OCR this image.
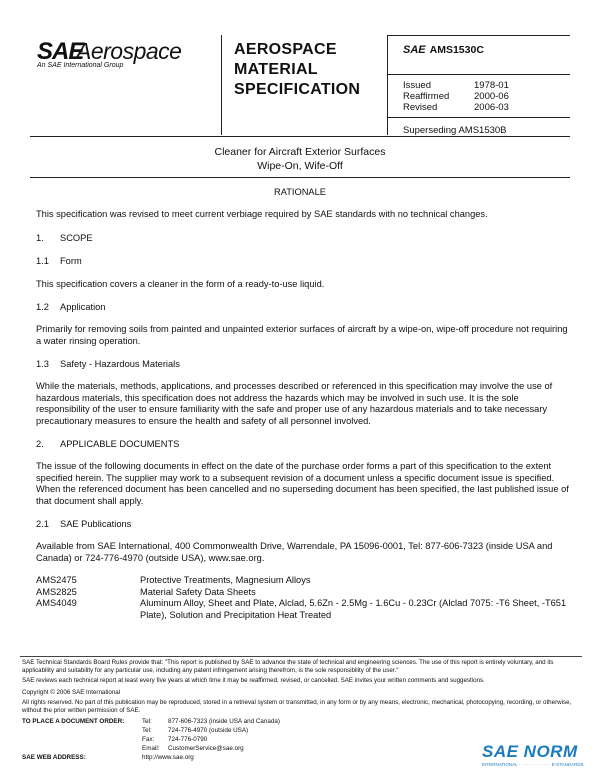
SAE
Aerospace
An SAE International Group
AEROSPACE
MATERIAL
SPECIFICATION
SAE AMS1530C
Issued	1978-01
Reaffirmed	2000-06
Revised	2006-03
Superseding AMS1530B
Cleaner for Aircraft Exterior Surfaces
Wipe-On, Wife-Off
RATIONALE
This specification was revised to meet current verbiage required by SAE standards with no technical changes.
1. SCOPE
1.1 Form
This specification covers a cleaner in the form of a ready-to-use liquid.
1.2 Application
Primarily for removing soils from painted and unpainted exterior surfaces of aircraft by a wipe-on, wipe-off procedure not requiring a water rinsing operation.
1.3 Safety - Hazardous Materials
While the materials, methods, applications, and processes described or referenced in this specification may involve the use of hazardous materials, this specification does not address the hazards which may be involved in such use. It is the sole responsibility of the user to ensure familiarity with the safe and proper use of any hazardous materials and to take necessary precautionary measures to ensure the health and safety of all personnel involved.
2. APPLICABLE DOCUMENTS
The issue of the following documents in effect on the date of the purchase order forms a part of this specification to the extent specified herein. The supplier may work to a subsequent revision of a document unless a specific document issue is specified. When the referenced document has been cancelled and no superseding document has been specified, the last published issue of that document shall apply.
2.1 SAE Publications
Available from SAE International, 400 Commonwealth Drive, Warrendale, PA 15096-0001, Tel: 877-606-7323 (inside USA and Canada) or 724-776-4970 (outside USA), www.sae.org.
AMS2475	Protective Treatments, Magnesium Alloys
AMS2825	Material Safety Data Sheets
AMS4049	Aluminum Alloy, Sheet and Plate, Alclad, 5.6Zn - 2.5Mg - 1.6Cu - 0.23Cr (Alclad 7075: -T6 Sheet, -T651 Plate), Solution and Precipitation Heat Treated
SAE Technical Standards Board Rules provide that: "This report is published by SAE to advance the state of technical and engineering sciences. The use of this report is entirely voluntary, and its applicability and suitability for any particular use, including any patent infringement arising therefrom, is the sole responsibility of the user."
SAE reviews each technical report at least every five years at which time it may be reaffirmed, revised, or cancelled. SAE invites your written comments and suggestions.
Copyright © 2006 SAE International
All rights reserved. No part of this publication may be reproduced, stored in a retrieval system or transmitted, in any form or by any means, electronic, mechanical, photocopying, recording, or otherwise, without the prior written permission of SAE.
TO PLACE A DOCUMENT ORDER:	Tel:	877-606-7323 (inside USA and Canada)
Tel:	724-776-4970 (outside USA)
Fax: 724-776-0790
Email: CustomerService@sae.org
SAE WEB ADDRESS:	http://www.sae.org	SAE NORM
INTERNATIONAL · · · · · · · · · · · · E-STANDARDS
